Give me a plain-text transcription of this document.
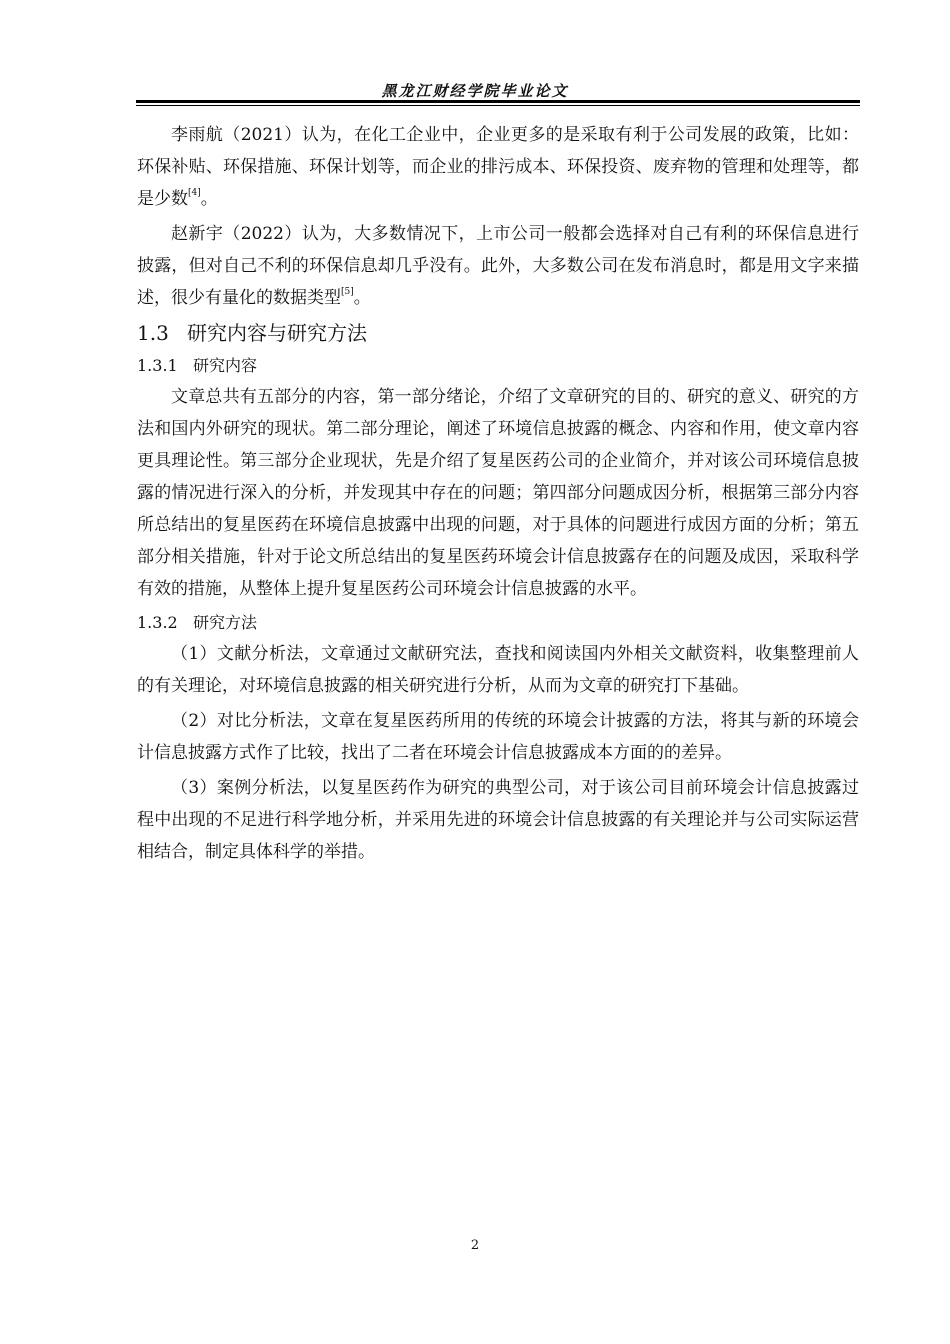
黑龙江财经学院毕业论文

李雨航（2021）认为，在化工企业中，企业更多的是采取有利于公司发展的政策，比如：环保补贴、环保措施、环保计划等，而企业的排污成本、环保投资、废弃物的管理和处理等，都是少数[4]。

赵新宇（2022）认为，大多数情况下，上市公司一般都会选择对自己有利的环保信息进行披露，但对自己不利的环保信息却几乎没有。此外，大多数公司在发布消息时，都是用文字来描述，很少有量化的数据类型[5]。

1.3 研究内容与研究方法
1.3.1 研究内容

文章总共有五部分的内容，第一部分绪论，介绍了文章研究的目的、研究的意义、研究的方法和国内外研究的现状。第二部分理论，阐述了环境信息披露的概念、内容和作用，使文章内容更具理论性。第三部分企业现状，先是介绍了复星医药公司的企业简介，并对该公司环境信息披露的情况进行深入的分析，并发现其中存在的问题；第四部分问题成因分析，根据第三部分内容所总结出的复星医药在环境信息披露中出现的问题，对于具体的问题进行成因方面的分析；第五部分相关措施，针对于论文所总结出的复星医药环境会计信息披露存在的问题及成因，采取科学有效的措施，从整体上提升复星医药公司环境会计信息披露的水平。

1.3.2 研究方法

（1）文献分析法，文章通过文献研究法，查找和阅读国内外相关文献资料，收集整理前人的有关理论，对环境信息披露的相关研究进行分析，从而为文章的研究打下基础。

（2）对比分析法，文章在复星医药所用的传统的环境会计披露的方法，将其与新的环境会计信息披露方式作了比较，找出了二者在环境会计信息披露成本方面的的差异。

（3）案例分析法，以复星医药作为研究的典型公司，对于该公司目前环境会计信息披露过程中出现的不足进行科学地分析，并采用先进的环境会计信息披露的有关理论并与公司实际运营相结合，制定具体科学的举措。

2
